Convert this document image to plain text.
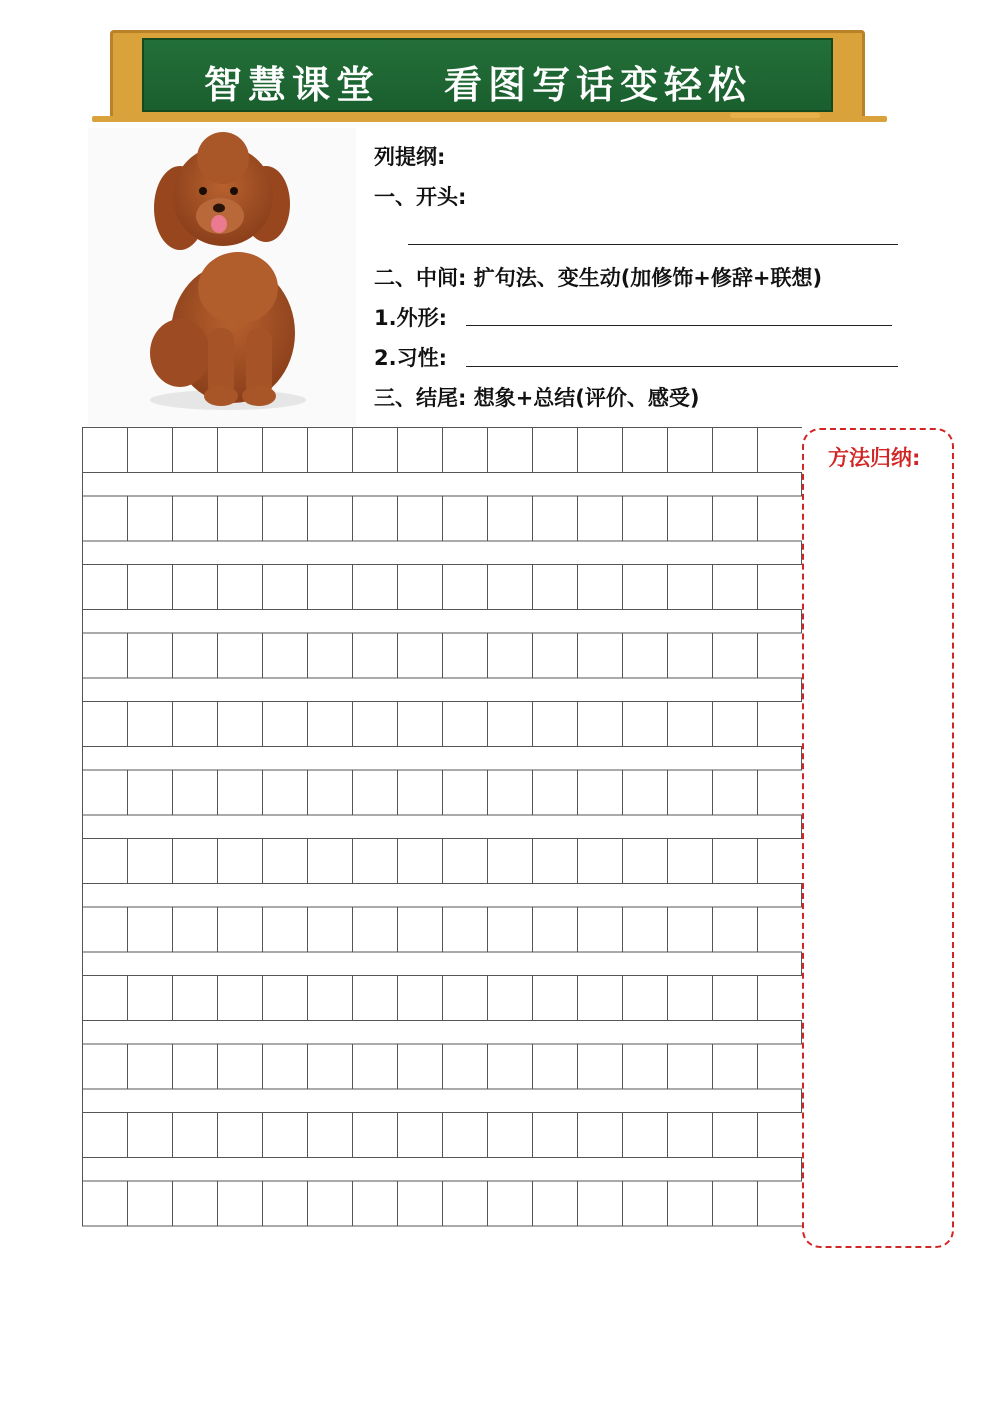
智慧课堂 看图写话变轻松
列提纲:
一、开头:
二、中间: 扩句法、变生动(加修饰+修辞+联想)
1.外形:
2.习性:
三、结尾: 想象+总结(评价、感受)
方法归纳:
